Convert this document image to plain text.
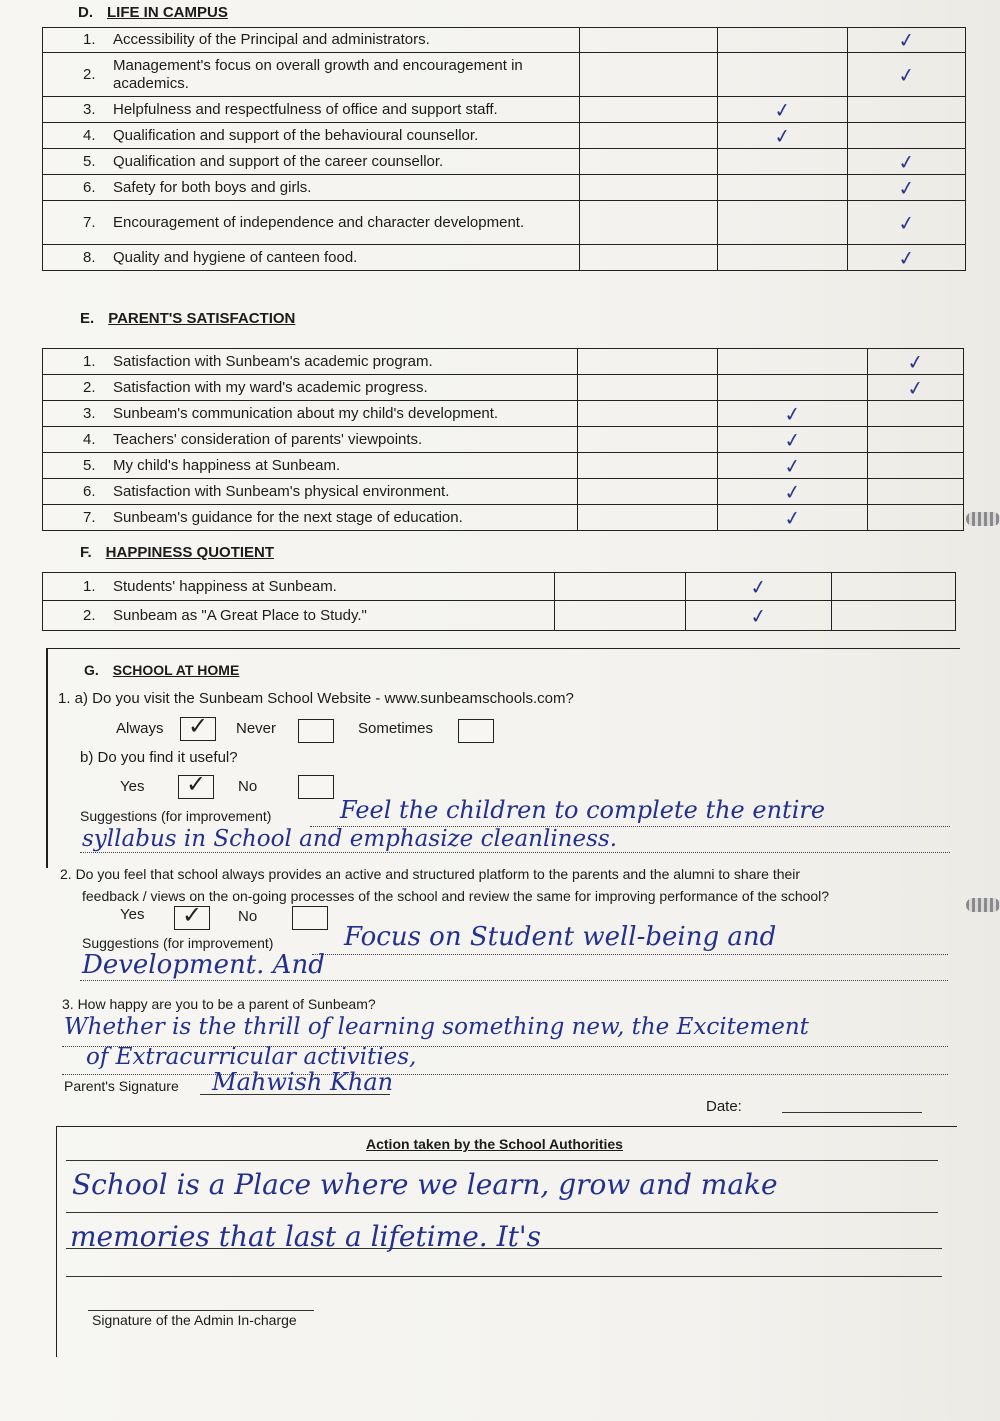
D. LIFE IN CAMPUS
1. Accessibility of the Principal and administrators.			✓

2.
Management's focus on overall growth and encouragement in academics.			✓

3. Helpfulness and respectfulness of office and support staff.		✓	

4. Qualification and support of the behavioural counsellor.		✓	

5. Qualification and support of the career counsellor.			✓

6. Safety for both boys and girls.			✓

7. Encouragement of independence and character development.			✓

8. Quality and hygiene of canteen food.			✓
E. PARENT'S SATISFACTION
1. Satisfaction with Sunbeam's academic program.			✓

2. Satisfaction with my ward's academic progress.			✓

3. Sunbeam's communication about my child's development.		✓	

4. Teachers' consideration of parents' viewpoints.		✓	

5. My child's happiness at Sunbeam.		✓	

6. Satisfaction with Sunbeam's physical environment.		✓	

7. Sunbeam's guidance for the next stage of education.		✓	

F. HAPPINESS QUOTIENT
1. Students' happiness at Sunbeam.		✓	

2. Sunbeam as "A Great Place to Study."		✓	

G. SCHOOL AT HOME
1. a) Do you visit the Sunbeam School Website - www.sunbeamschools.com?
Always ✓	Never	Sometimes
b) Do you find it useful?
Yes ✓	No
Suggestions (for improvement)	Feel the children to complete the entire
syllabus in School and emphasize cleanliness.
2. Do you feel that school always provides an active and structured platform to the parents and the alumni to share their
feedback / views on the on-going processes of the school and review the same for improving performance of the school?
Yes ✓	No
Suggestions (for improvement)	Focus on Student well-being and
Development. And
3. How happy are you to be a parent of Sunbeam?
Whether is the thrill of learning something new, the Excitement
of Extracurricular activities,
Parent's Signature Mahwish Khan
Date:
Action taken by the School Authorities
School is a Place where we learn, grow and make
memories that last a lifetime. It's
Signature of the Admin In-charge
